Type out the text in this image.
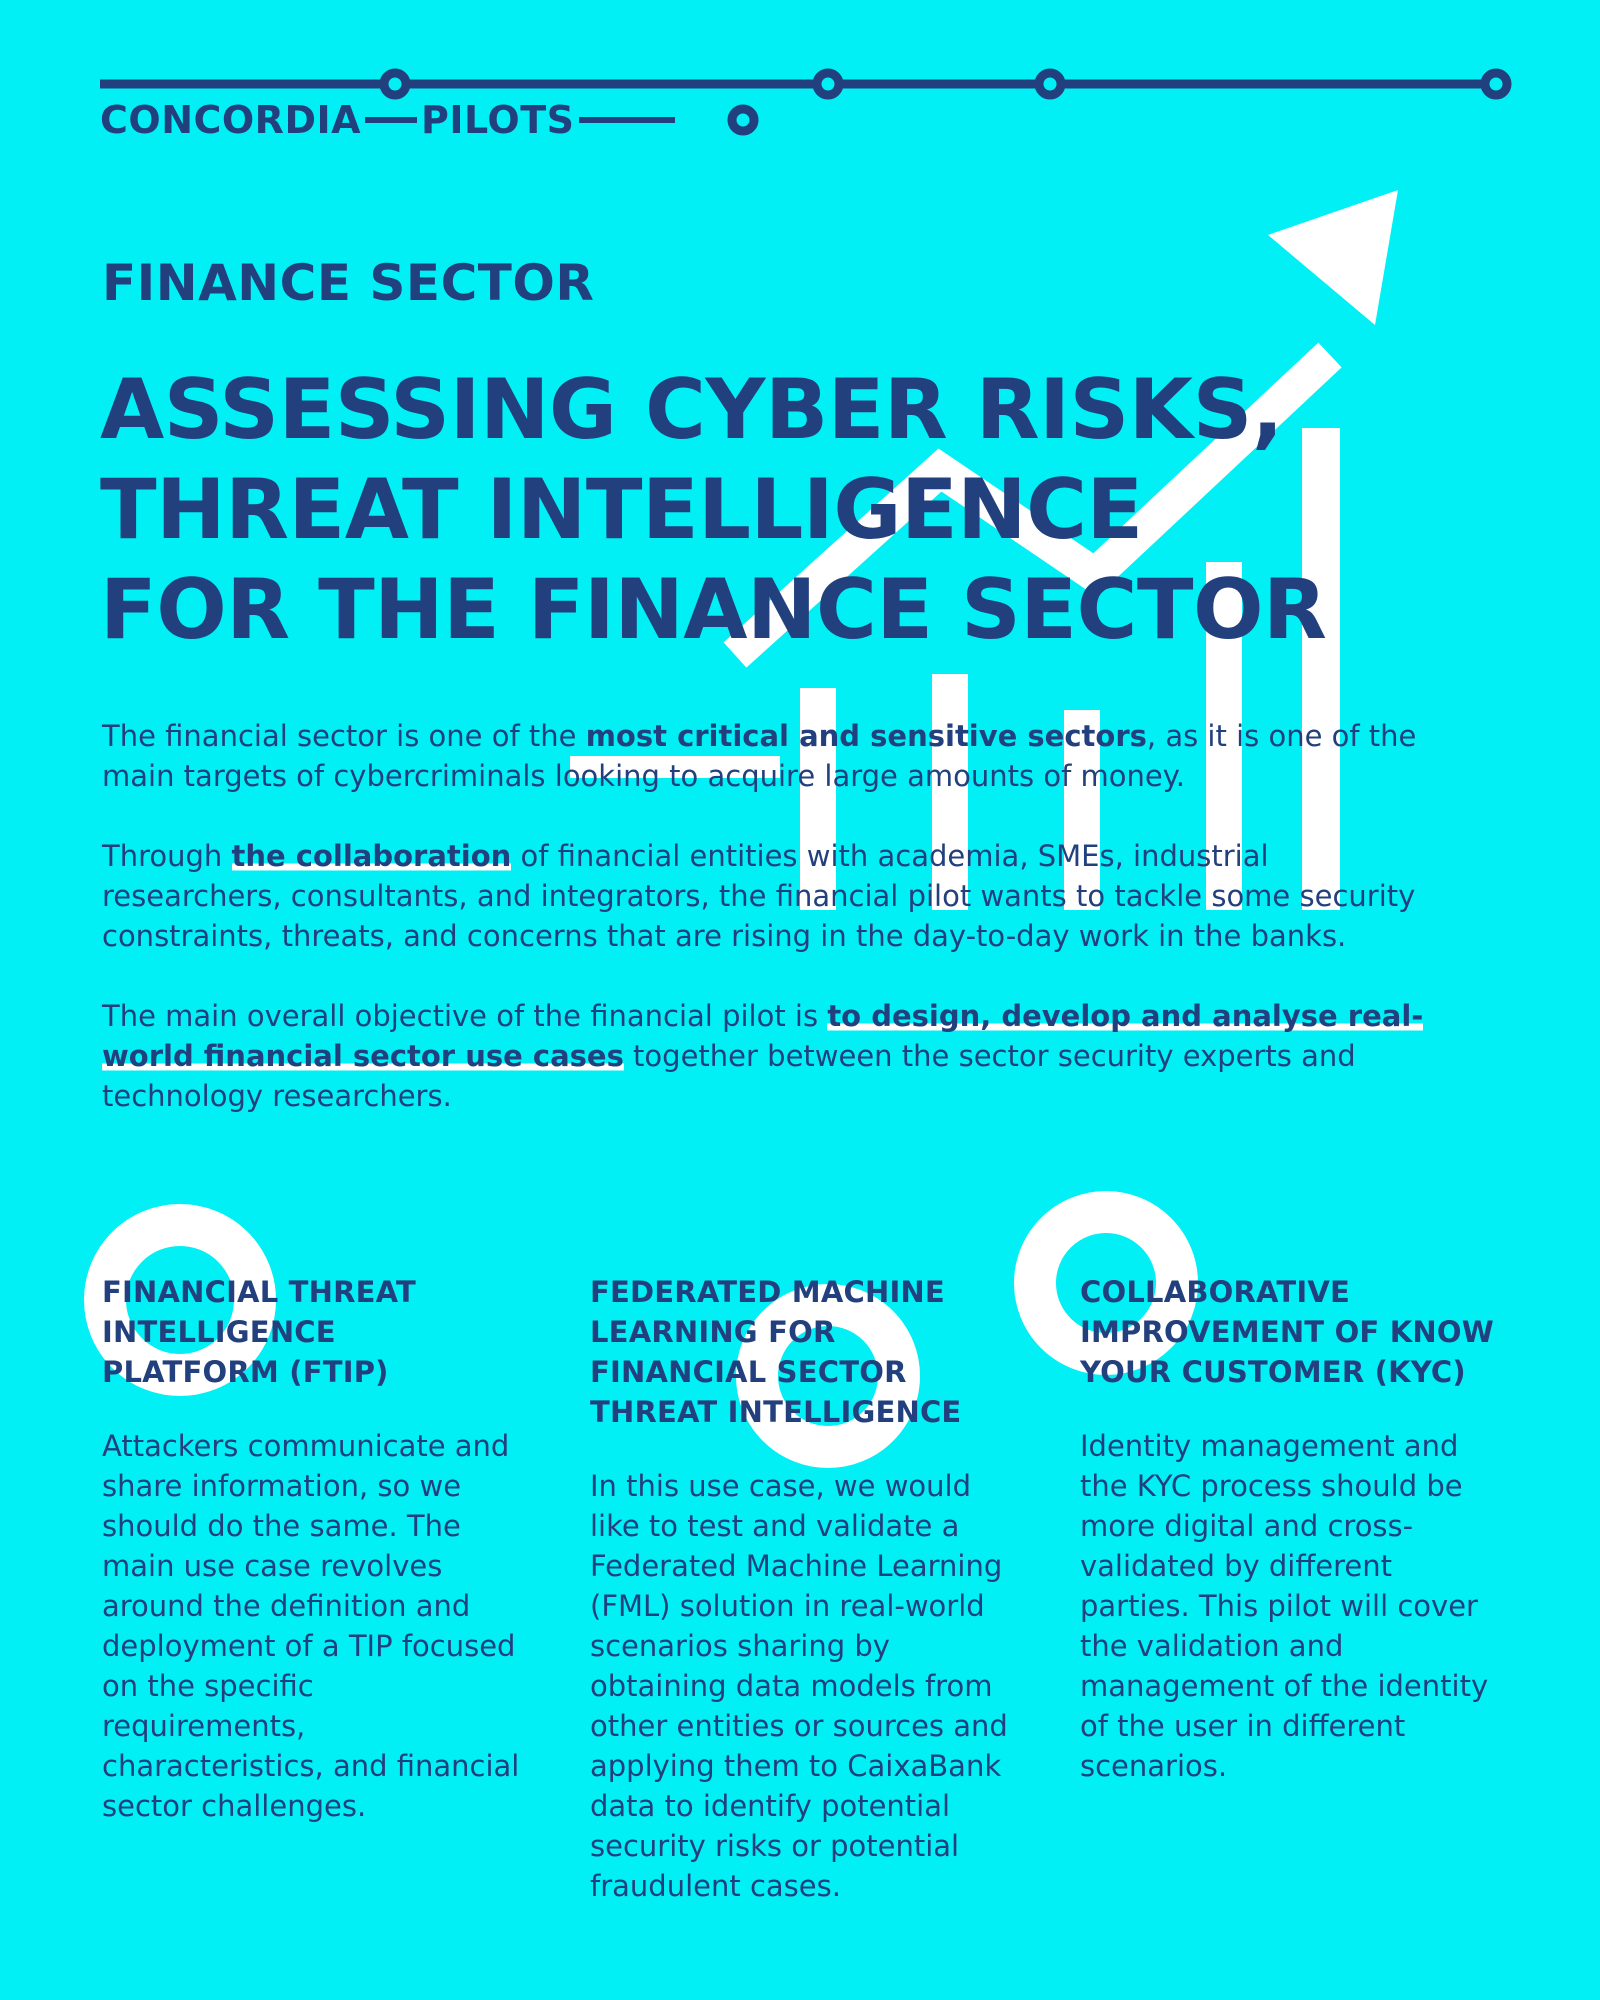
CONCORDIA PILOTS
FINANCE SECTOR
ASSESSING CYBER RISKS,
THREAT INTELLIGENCE
FOR THE FINANCE SECTOR

The financial sector is one of the most critical and sensitive sectors, as it is one of the main targets of cybercriminals looking to acquire large amounts of money.

Through the collaboration of financial entities with academia, SMEs, industrial researchers, consultants, and integrators, the financial pilot wants to tackle some security constraints, threats, and concerns that are rising in the day-to-day work in the banks.

The main overall objective of the financial pilot is to design, develop and analyse real-world financial sector use cases together between the sector security experts and technology researchers.

FINANCIAL THREAT INTELLIGENCE PLATFORM (FTIP)

Attackers communicate and share information, so we should do the same. The main use case revolves around the definition and deployment of a TIP focused on the specific requirements, characteristics, and financial sector challenges.

FEDERATED MACHINE LEARNING FOR FINANCIAL SECTOR THREAT INTELLIGENCE

In this use case, we would like to test and validate a Federated Machine Learning (FML) solution in real-world scenarios sharing by obtaining data models from other entities or sources and applying them to CaixaBank data to identify potential security risks or potential fraudulent cases.

COLLABORATIVE IMPROVEMENT OF KNOW YOUR CUSTOMER (KYC)

Identity management and the KYC process should be more digital and cross-validated by different parties. This pilot will cover the validation and management of the identity of the user in different scenarios.
